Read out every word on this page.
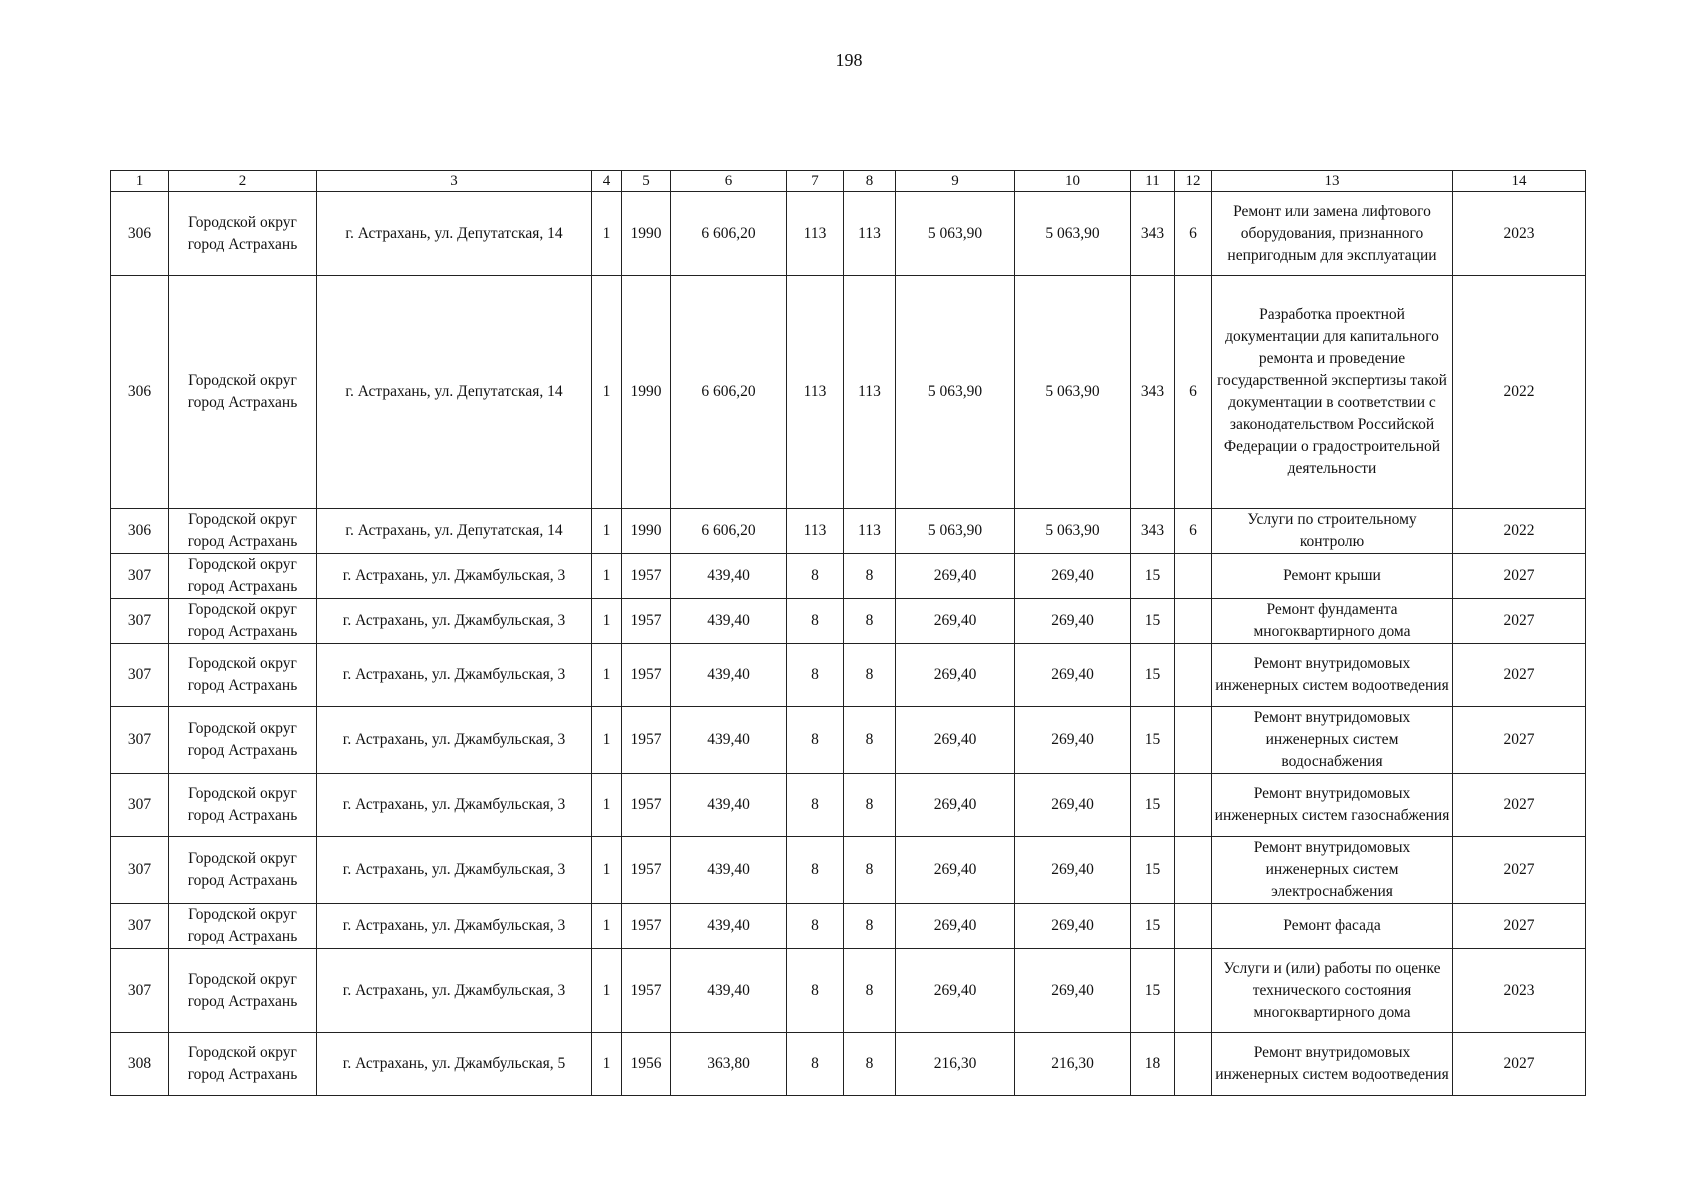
198
1	2	3	4	5	6	7	8	9	10	11	12	13	14
306	Городской округ город Астрахань	г. Астрахань, ул. Депутатская, 14	1	1990	6 606,20	113	113	5 063,90	5 063,90	343	6	Ремонт или замена лифтового оборудования, признанного непригодным для эксплуатации	2023
306	Городской округ город Астрахань	г. Астрахань, ул. Депутатская, 14	1	1990	6 606,20	113	113	5 063,90	5 063,90	343	6	Разработка проектной документации для капитального ремонта и проведение государственной экспертизы такой документации в соответствии с законодательством Российской Федерации о градостроительной деятельности	2022
306	Городской округ город Астрахань	г. Астрахань, ул. Депутатская, 14	1	1990	6 606,20	113	113	5 063,90	5 063,90	343	6	Услуги по строительному контролю	2022
307	Городской округ город Астрахань	г. Астрахань, ул. Джамбульская, 3	1	1957	439,40	8	8	269,40	269,40	15		Ремонт крыши	2027
307	Городской округ город Астрахань	г. Астрахань, ул. Джамбульская, 3	1	1957	439,40	8	8	269,40	269,40	15		Ремонт фундамента многоквартирного дома	2027
307	Городской округ город Астрахань	г. Астрахань, ул. Джамбульская, 3	1	1957	439,40	8	8	269,40	269,40	15		Ремонт внутридомовых инженерных систем водоотведения	2027
307	Городской округ город Астрахань	г. Астрахань, ул. Джамбульская, 3	1	1957	439,40	8	8	269,40	269,40	15		Ремонт внутридомовых инженерных систем водоснабжения	2027
307	Городской округ город Астрахань	г. Астрахань, ул. Джамбульская, 3	1	1957	439,40	8	8	269,40	269,40	15		Ремонт внутридомовых инженерных систем газоснабжения	2027
307	Городской округ город Астрахань	г. Астрахань, ул. Джамбульская, 3	1	1957	439,40	8	8	269,40	269,40	15		Ремонт внутридомовых инженерных систем электроснабжения	2027
307	Городской округ город Астрахань	г. Астрахань, ул. Джамбульская, 3	1	1957	439,40	8	8	269,40	269,40	15		Ремонт фасада	2027
307	Городской округ город Астрахань	г. Астрахань, ул. Джамбульская, 3	1	1957	439,40	8	8	269,40	269,40	15		Услуги и (или) работы по оценке технического состояния многоквартирного дома	2023
308	Городской округ город Астрахань	г. Астрахань, ул. Джамбульская, 5	1	1956	363,80	8	8	216,30	216,30	18		Ремонт внутридомовых инженерных систем водоотведения	2027
